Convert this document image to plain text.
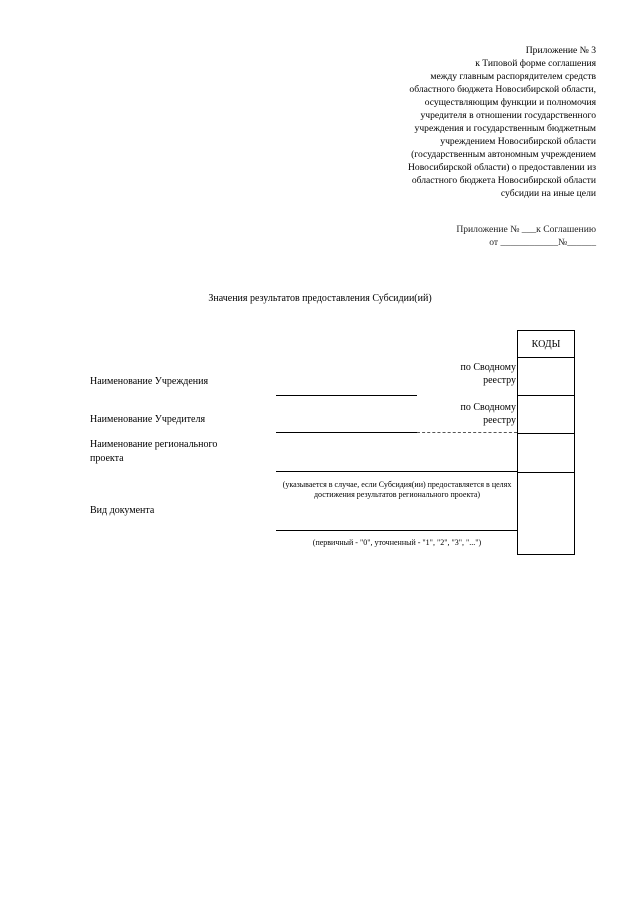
Приложение № 3
к Типовой форме соглашения
между главным распорядителем средств
областного бюджета Новосибирской области,
осуществляющим функции и полномочия
учредителя в отношении государственного
учреждения и государственным бюджетным
учреждением Новосибирской области
(государственным автономным учреждением
Новосибирской области) о предоставлении из
областного бюджета Новосибирской области
субсидии на иные цели
Приложение № ___к Соглашению
от ____________№______
Значения результатов предоставления Субсидии(ий)
Наименование Учреждения
по Сводному
реестру
Наименование Учредителя
по Сводному
реестру
Наименование регионального
проекта
(указывается в случае, если Субсидия(ии) предоставляется в целях достижения результатов регионального проекта)
Вид документа
(первичный - "0", уточненный - "1", "2", "3", "...")
КОДЫ
